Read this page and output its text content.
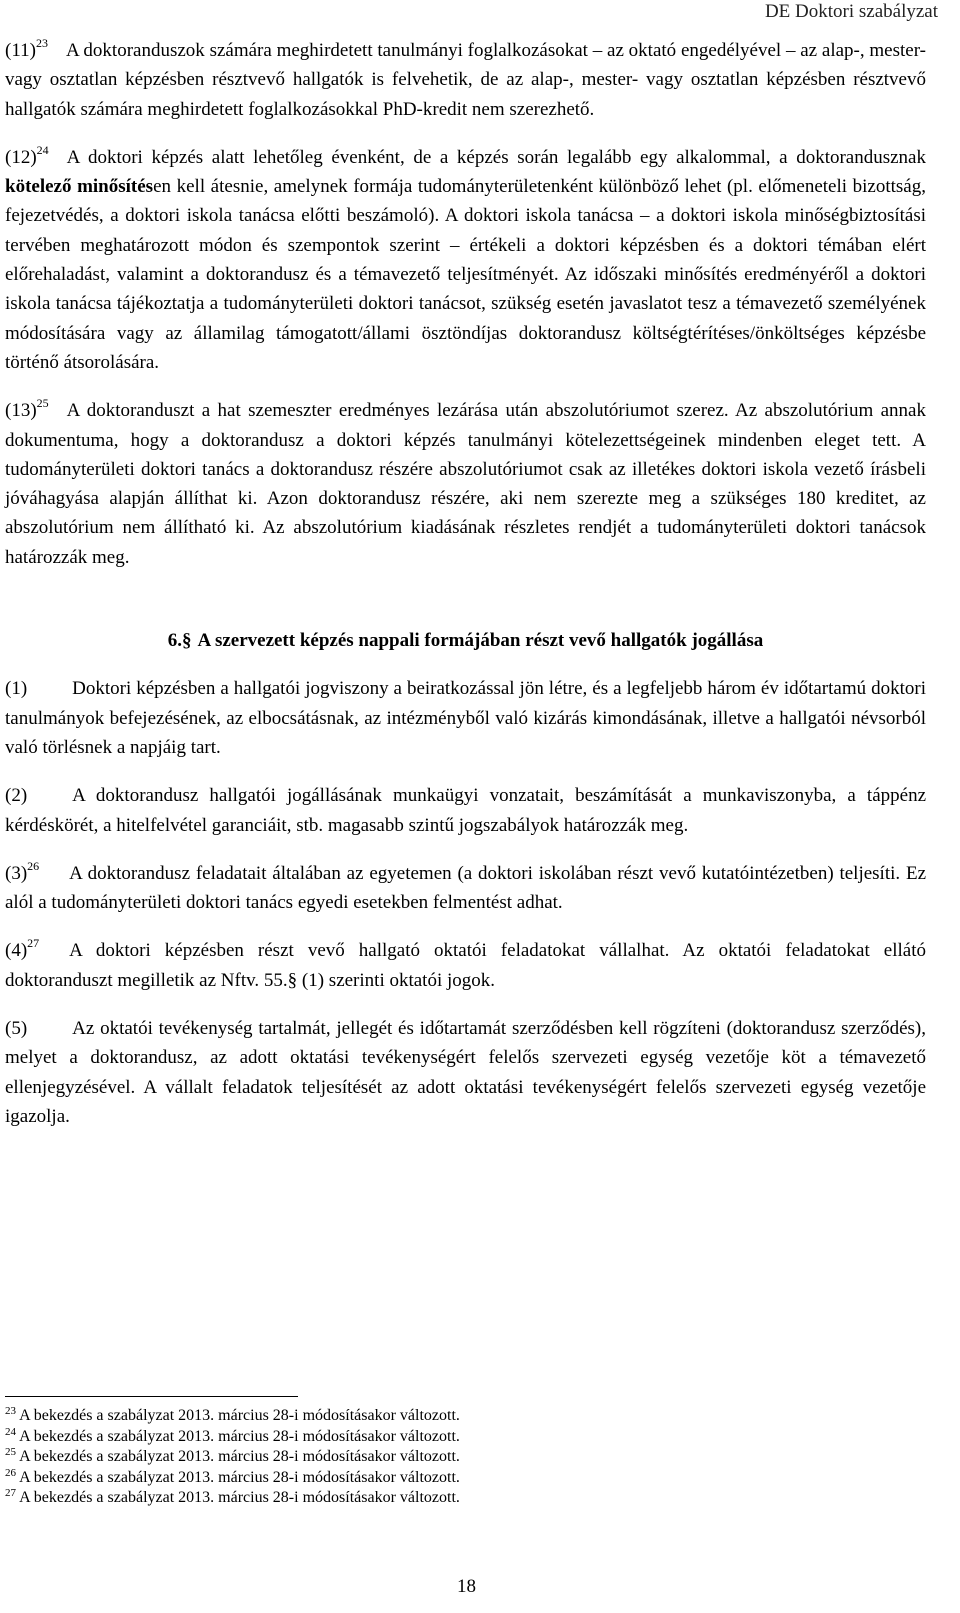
DE Doktori szabályzat

$(11)^{23}$ A doktoranduszok számára meghirdetett tanulmányi foglalkozásokat – az oktató engedélyével – az alap-, mester- vagy osztatlan képzésben résztvevő hallgatók is felvehetik, de az alap-, mester- vagy osztatlan képzésben résztvevő hallgatók számára meghirdetett foglalkozásokkal PhD-kredit nem szerezhető.

$(12)^{24}$ A doktori képzés alatt lehetőleg évenként, de a képzés során legalább egy alkalommal, a doktorandusznak kötelező minősítésen kell átesnie, amelynek formája tudományterületenként különböző lehet (pl. előmeneteli bizottság, fejezetvédés, a doktori iskola tanácsa előtti beszámoló). A doktori iskola tanácsa – a doktori iskola minőségbiztosítási tervében meghatározott módon és szempontok szerint – értékeli a doktori képzésben és a doktori témában elért előrehaladást, valamint a doktorandusz és a témavezető teljesítményét. Az időszaki minősítés eredményéről a doktori iskola tanácsa tájékoztatja a tudományterületi doktori tanácsot, szükség esetén javaslatot tesz a témavezető személyének módosítására vagy az államilag támogatott/állami ösztöndíjas doktorandusz költségtérítéses/önköltséges képzésbe történő átsorolására.

$(13)^{25}$ A doktoranduszt a hat szemeszter eredményes lezárása után abszolutóriumot szerez. Az abszolutórium annak dokumentuma, hogy a doktorandusz a doktori képzés tanulmányi kötelezettségeinek mindenben eleget tett. A tudományterületi doktori tanács a doktorandusz részére abszolutóriumot csak az illetékes doktori iskola vezető írásbeli jóváhagyása alapján állíthat ki. Azon doktorandusz részére, aki nem szerezte meg a szükséges 180 kreditet, az abszolutórium nem állítható ki. Az abszolutórium kiadásának részletes rendjét a tudományterületi doktori tanácsok határozzák meg.

6.§ A szervezett képzés nappali formájában részt vevő hallgatók jogállása

(1) Doktori képzésben a hallgatói jogviszony a beiratkozással jön létre, és a legfeljebb három év időtartamú doktori tanulmányok befejezésének, az elbocsátásnak, az intézményből való kizárás kimondásának, illetve a hallgatói névsorból való törlésnek a napjáig tart.

(2) A doktorandusz hallgatói jogállásának munkaügyi vonzatait, beszámítását a munkaviszonyba, a táppénz kérdéskörét, a hitelfelvétel garanciáit, stb. magasabb szintű jogszabályok határozzák meg.

$(3)^{26}$ A doktorandusz feladatait általában az egyetemen (a doktori iskolában részt vevő kutatóintézetben) teljesíti. Ez alól a tudományterületi doktori tanács egyedi esetekben felmentést adhat.

$(4)^{27}$ A doktori képzésben részt vevő hallgató oktatói feladatokat vállalhat. Az oktatói feladatokat ellátó doktoranduszt megilletik az Nftv. 55.§ (1) szerinti oktatói jogok.

(5) Az oktatói tevékenység tartalmát, jellegét és időtartamát szerződésben kell rögzíteni (doktorandusz szerződés), melyet a doktorandusz, az adott oktatási tevékenységért felelős szervezeti egység vezetője köt a témavezető ellenjegyzésével. A vállalt feladatok teljesítését az adott oktatási tevékenységért felelős szervezeti egység vezetője igazolja.

$^{23}$ A bekezdés a szabályzat 2013. március 28-i módosításakor változott.
$^{24}$ A bekezdés a szabályzat 2013. március 28-i módosításakor változott.
$^{25}$ A bekezdés a szabályzat 2013. március 28-i módosításakor változott.
$^{26}$ A bekezdés a szabályzat 2013. március 28-i módosításakor változott.
$^{27}$ A bekezdés a szabályzat 2013. március 28-i módosításakor változott.
18
